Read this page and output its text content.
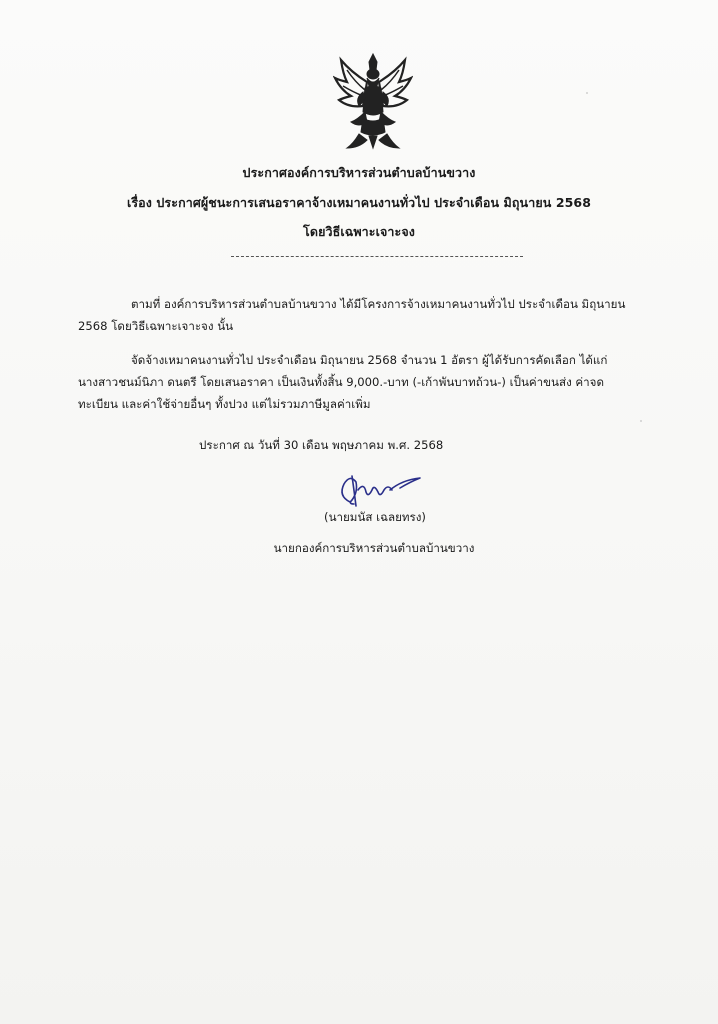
ประกาศองค์การบริหารส่วนตำบลบ้านขวาง
เรื่อง ประกาศผู้ชนะการเสนอราคาจ้างเหมาคนงานทั่วไป ประจำเดือน มิถุนายน 2568
โดยวิธีเฉพาะเจาะจง
ตามที่ องค์การบริหารส่วนตำบลบ้านขวาง ได้มีโครงการจ้างเหมาคนงานทั่วไป ประจำเดือน มิถุนายน
2568 โดยวิธีเฉพาะเจาะจง นั้น
จัดจ้างเหมาคนงานทั่วไป ประจำเดือน มิถุนายน 2568 จำนวน 1 อัตรา ผู้ได้รับการคัดเลือก ได้แก่
นางสาวชนม์นิภา ดนตรี โดยเสนอราคา เป็นเงินทั้งสิ้น 9,000.-บาท (-เก้าพันบาทถ้วน-) เป็นค่าขนส่ง ค่าจด
ทะเบียน และค่าใช้จ่ายอื่นๆ ทั้งปวง แต่ไม่รวมภาษีมูลค่าเพิ่ม
ประกาศ ณ วันที่ 30 เดือน พฤษภาคม พ.ศ. 2568
(นายมนัส เฉลยทรง)
นายกองค์การบริหารส่วนตำบลบ้านขวาง
